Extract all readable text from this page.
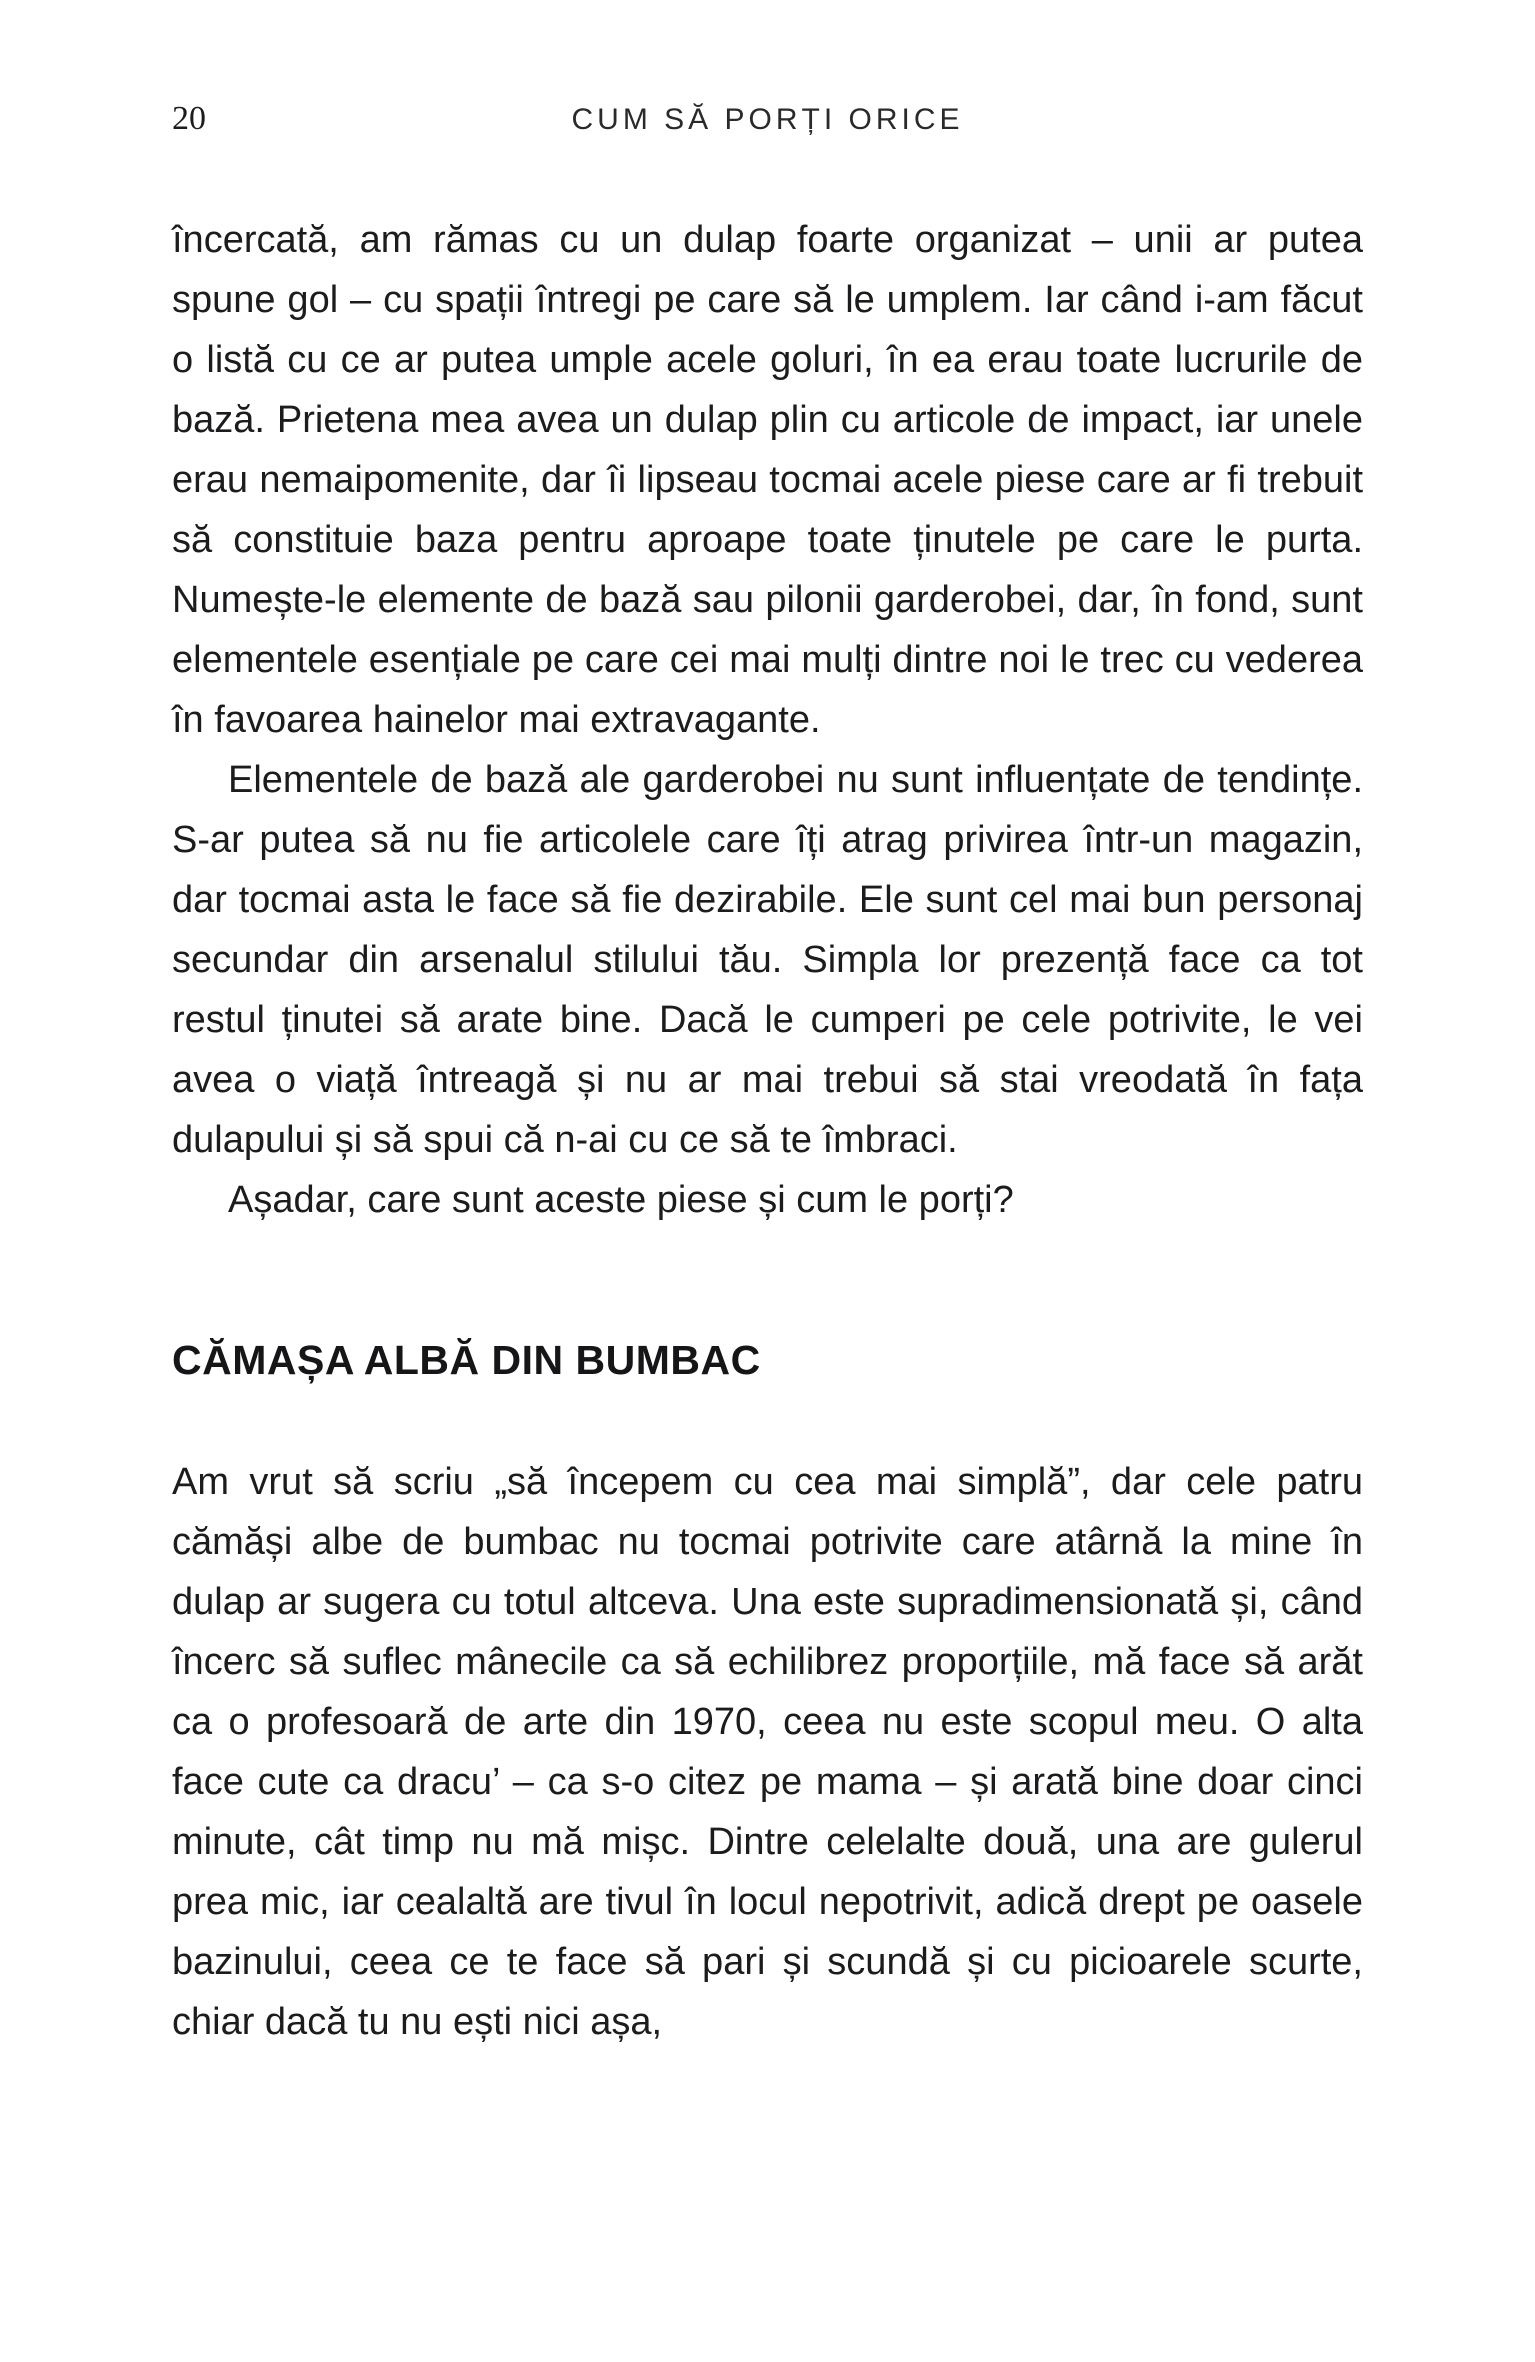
20	CUM SĂ PORȚI ORICE

încercată, am rămas cu un dulap foarte organizat – unii ar putea spune gol – cu spații întregi pe care să le umplem. Iar când i-am făcut o listă cu ce ar putea umple acele goluri, în ea erau toate lucrurile de bază. Prietena mea avea un dulap plin cu articole de impact, iar unele erau nemaipomenite, dar îi lipseau tocmai acele piese care ar fi trebuit să constituie baza pentru aproape toate ținutele pe care le purta. Numește-le elemente de bază sau pilonii garderobei, dar, în fond, sunt elementele esențiale pe care cei mai mulți dintre noi le trec cu vederea în favoarea hainelor mai extravagante.

Elementele de bază ale garderobei nu sunt influențate de tendințe. S-ar putea să nu fie articolele care îți atrag privirea într-un magazin, dar tocmai asta le face să fie dezirabile. Ele sunt cel mai bun personaj secundar din arsenalul stilului tău. Simpla lor prezență face ca tot restul ținutei să arate bine. Dacă le cumperi pe cele potrivite, le vei avea o viață întreagă și nu ar mai trebui să stai vreodată în fața dulapului și să spui că n-ai cu ce să te îmbraci.

Așadar, care sunt aceste piese și cum le porți?

CĂMAȘA ALBĂ DIN BUMBAC

Am vrut să scriu „să începem cu cea mai simplă”, dar cele patru cămăși albe de bumbac nu tocmai potrivite care atârnă la mine în dulap ar sugera cu totul altceva. Una este supradimensionată și, când încerc să suflec mânecile ca să echilibrez proporțiile, mă face să arăt ca o profesoară de arte din 1970, ceea nu este scopul meu. O alta face cute ca dracu’ – ca s-o citez pe mama – și arată bine doar cinci minute, cât timp nu mă mișc. Dintre celelalte două, una are gulerul prea mic, iar cealaltă are tivul în locul nepotrivit, adică drept pe oasele bazinului, ceea ce te face să pari și scundă și cu picioarele scurte, chiar dacă tu nu ești nici așa,
